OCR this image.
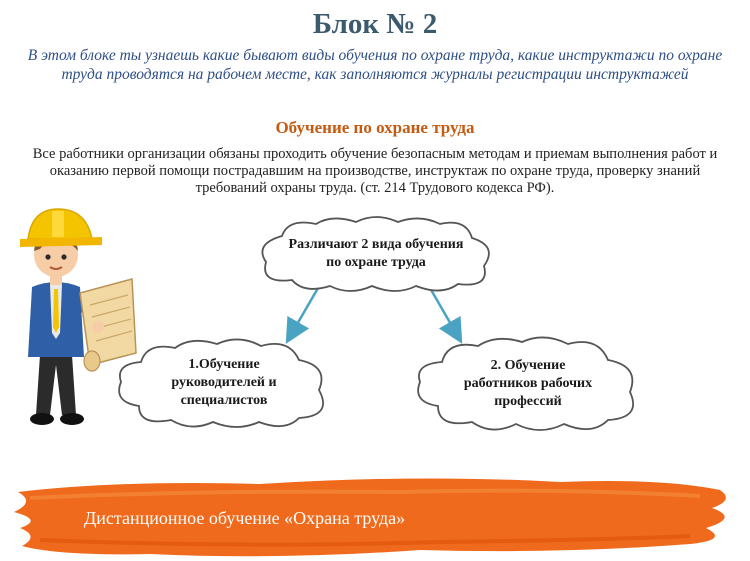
Блок № 2
В этом блоке ты узнаешь какие бывают виды обучения по охране труда, какие инструктажи по охране труда проводятся на рабочем месте, как заполняются журналы регистрации инструктажей
Обучение по охране труда
Все работники организации обязаны проходить обучение безопасным методам и приемам выполнения работ и оказанию первой помощи пострадавшим на производстве, инструктаж по охране труда, проверку знаний требований охраны труда. (ст. 214 Трудового кодекса РФ).
Различают 2 вида обучения по охране труда
1.Обучение руководителей и специалистов
2. Обучение работников рабочих профессий
Дистанционное обучение «Охрана труда»
